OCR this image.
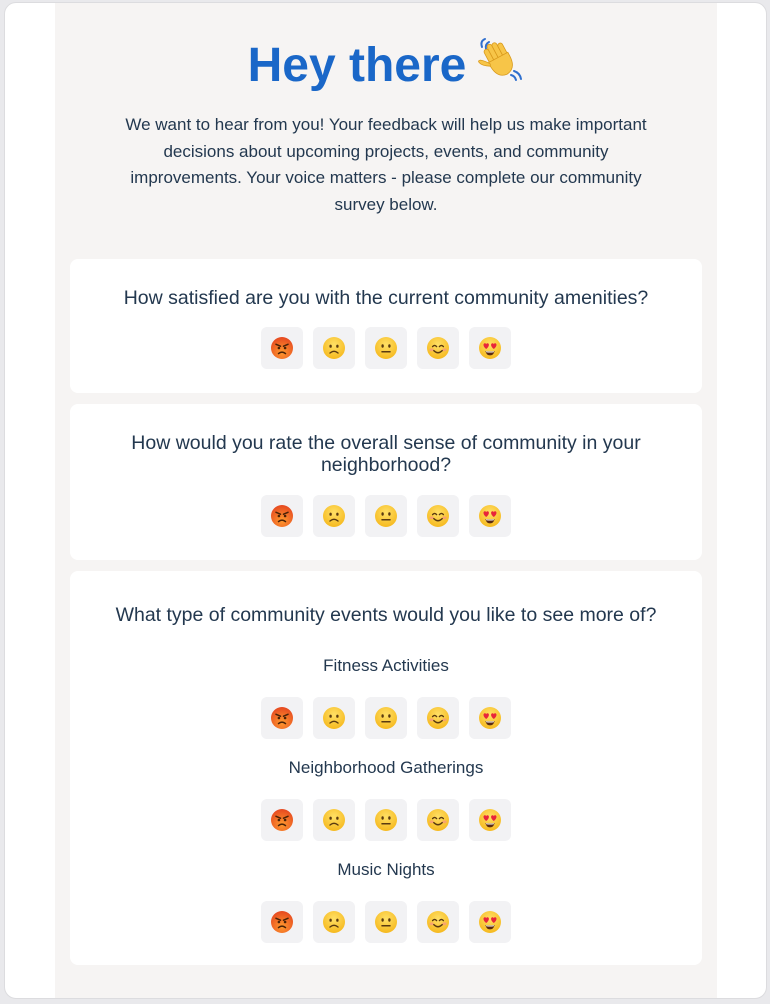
Hey there

We want to hear from you! Your feedback will help us make important decisions about upcoming projects, events, and community improvements. Your voice matters - please complete our community survey below.

How satisfied are you with the current community amenities?

How would you rate the overall sense of community in your neighborhood?

What type of community events would you like to see more of?

Fitness Activities

Neighborhood Gatherings

Music Nights
